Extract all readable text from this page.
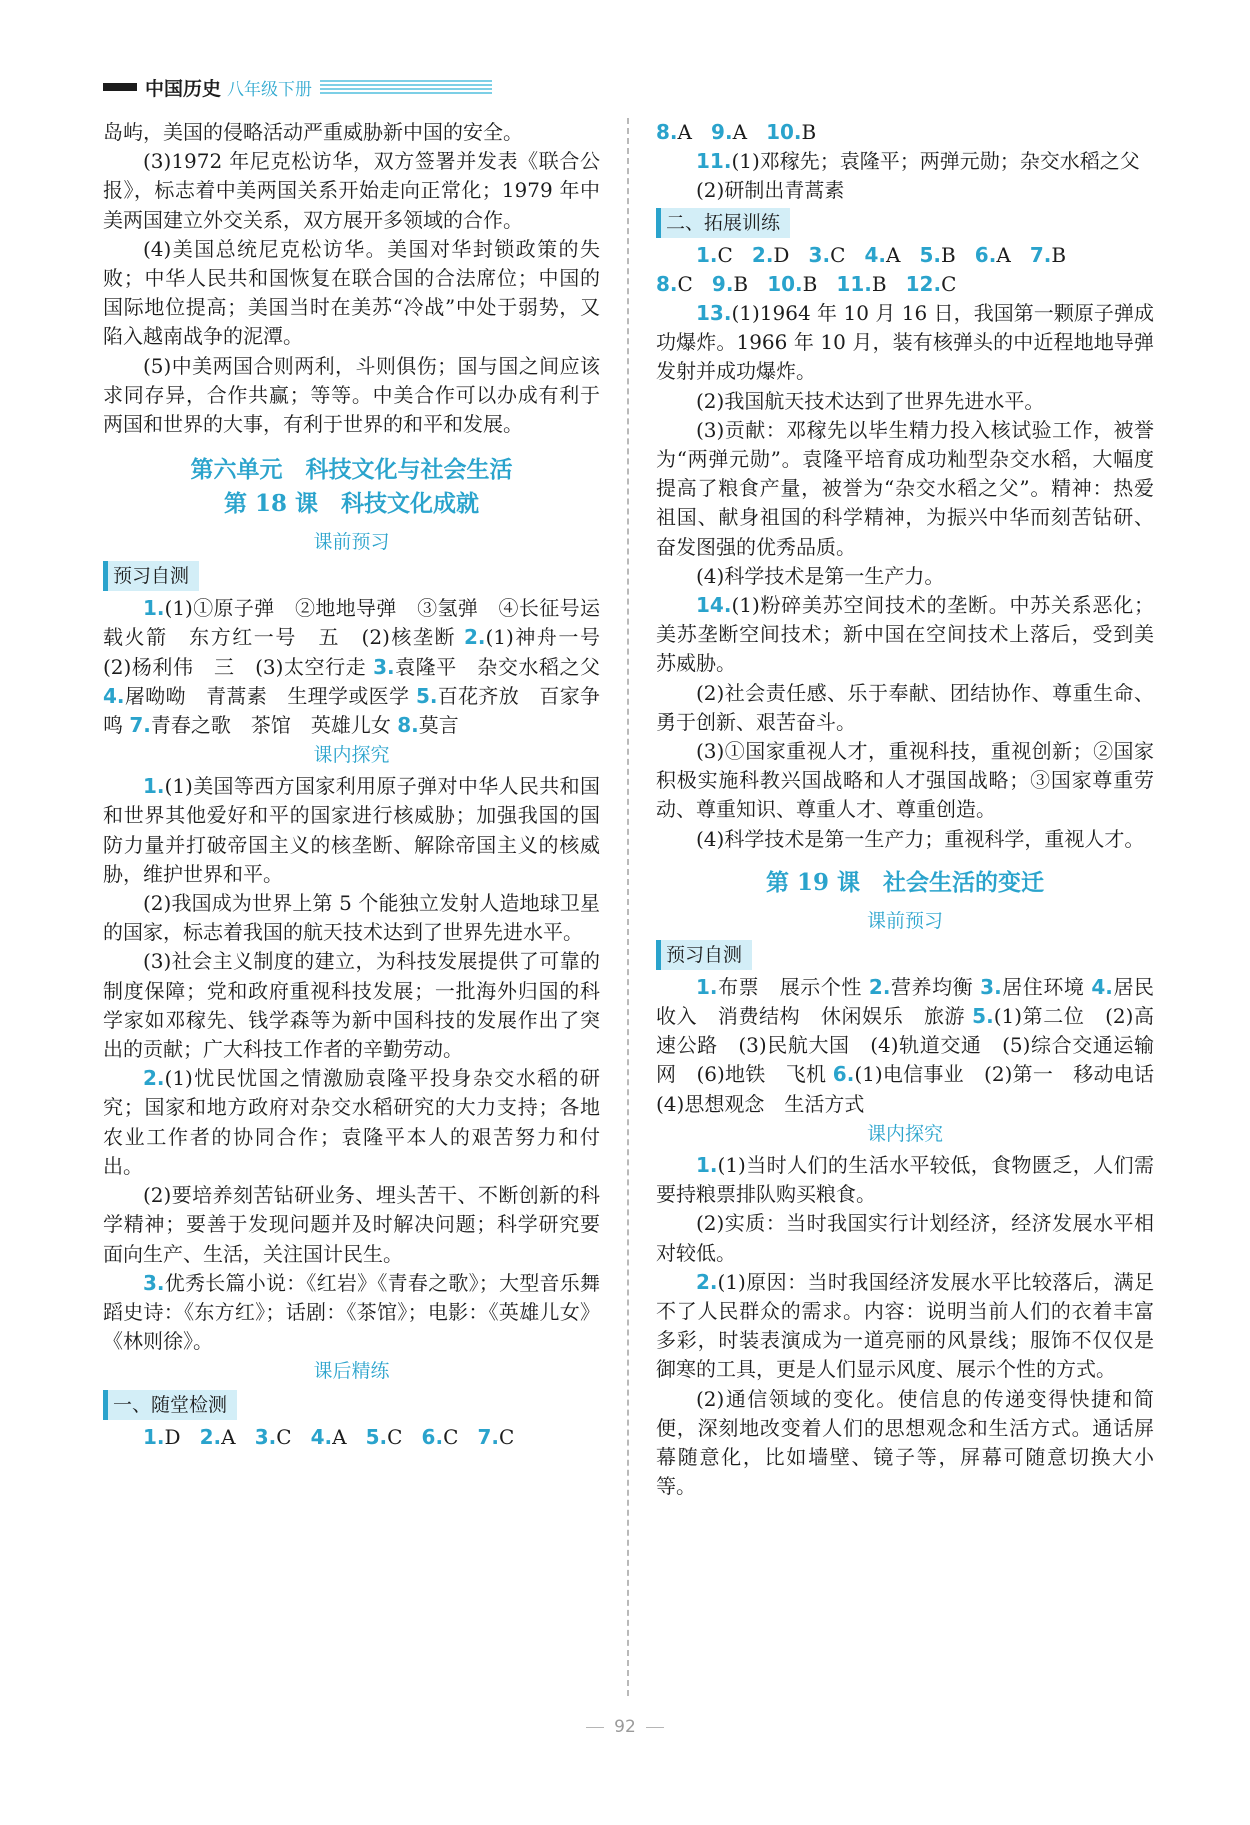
中国历史 八年级下册

岛屿，美国的侵略活动严重威胁新中国的安全。

(3)1972 年尼克松访华，双方签署并发表《联合公报》，标志着中美两国关系开始走向正常化；1979 年中美两国建立外交关系，双方展开多领域的合作。

(4)美国总统尼克松访华。美国对华封锁政策的失败；中华人民共和国恢复在联合国的合法席位；中国的国际地位提高；美国当时在美苏“冷战”中处于弱势，又陷入越南战争的泥潭。

(5)中美两国合则两利，斗则俱伤；国与国之间应该求同存异，合作共赢；等等。中美合作可以办成有利于两国和世界的大事，有利于世界的和平和发展。

第六单元　科技文化与社会生活
第 18 课　科技文化成就
课前预习
预习自测

1.(1)①原子弹　②地地导弹　③氢弹　④长征号运载火箭　东方红一号　五　(2)核垄断 2.(1)神舟一号　(2)杨利伟　三　(3)太空行走 3.袁隆平　杂交水稻之父 4.屠呦呦　青蒿素　生理学或医学 5.百花齐放　百家争鸣 7.青春之歌　茶馆　英雄儿女 8.莫言

课内探究

1.(1)美国等西方国家利用原子弹对中华人民共和国和世界其他爱好和平的国家进行核威胁；加强我国的国防力量并打破帝国主义的核垄断、解除帝国主义的核威胁，维护世界和平。

(2)我国成为世界上第 5 个能独立发射人造地球卫星的国家，标志着我国的航天技术达到了世界先进水平。

(3)社会主义制度的建立，为科技发展提供了可靠的制度保障；党和政府重视科技发展；一批海外归国的科学家如邓稼先、钱学森等为新中国科技的发展作出了突出的贡献；广大科技工作者的辛勤劳动。

2.(1)忧民忧国之情激励袁隆平投身杂交水稻的研究；国家和地方政府对杂交水稻研究的大力支持；各地农业工作者的协同合作；袁隆平本人的艰苦努力和付出。

(2)要培养刻苦钻研业务、埋头苦干、不断创新的科学精神；要善于发现问题并及时解决问题；科学研究要面向生产、生活，关注国计民生。

3.优秀长篇小说：《红岩》《青春之歌》；大型音乐舞蹈史诗：《东方红》；话剧：《茶馆》；电影：《英雄儿女》《林则徐》。

课后精练
一、随堂检测

1.D 2.A 3.C 4.A 5.C 6.C 7.C

8.A 9.A 10.B

11.(1)邓稼先；袁隆平；两弹元勋；杂交水稻之父

(2)研制出青蒿素

二、拓展训练

1.C 2.D 3.C 4.A 5.B 6.A 7.B

8.C 9.B 10.B 11.B 12.C

13.(1)1964 年 10 月 16 日，我国第一颗原子弹成功爆炸。1966 年 10 月，装有核弹头的中近程地地导弹发射并成功爆炸。

(2)我国航天技术达到了世界先进水平。

(3)贡献：邓稼先以毕生精力投入核试验工作，被誉为“两弹元勋”。袁隆平培育成功籼型杂交水稻，大幅度提高了粮食产量，被誉为“杂交水稻之父”。精神：热爱祖国、献身祖国的科学精神，为振兴中华而刻苦钻研、奋发图强的优秀品质。

(4)科学技术是第一生产力。

14.(1)粉碎美苏空间技术的垄断。中苏关系恶化；美苏垄断空间技术；新中国在空间技术上落后，受到美苏威胁。

(2)社会责任感、乐于奉献、团结协作、尊重生命、勇于创新、艰苦奋斗。

(3)①国家重视人才，重视科技，重视创新；②国家积极实施科教兴国战略和人才强国战略；③国家尊重劳动、尊重知识、尊重人才、尊重创造。

(4)科学技术是第一生产力；重视科学，重视人才。

第 19 课　社会生活的变迁
课前预习
预习自测

1.布票　展示个性 2.营养均衡 3.居住环境 4.居民收入　消费结构　休闲娱乐　旅游 5.(1)第二位　(2)高速公路　(3)民航大国　(4)轨道交通　(5)综合交通运输网　(6)地铁　飞机 6.(1)电信事业　(2)第一　移动电话　(4)思想观念　生活方式

课内探究

1.(1)当时人们的生活水平较低，食物匮乏，人们需要持粮票排队购买粮食。

(2)实质：当时我国实行计划经济，经济发展水平相对较低。

2.(1)原因：当时我国经济发展水平比较落后，满足不了人民群众的需求。内容：说明当前人们的衣着丰富多彩，时装表演成为一道亮丽的风景线；服饰不仅仅是御寒的工具，更是人们显示风度、展示个性的方式。

(2)通信领域的变化。使信息的传递变得快捷和简便，深刻地改变着人们的思想观念和生活方式。通话屏幕随意化，比如墙壁、镜子等，屏幕可随意切换大小等。

92
